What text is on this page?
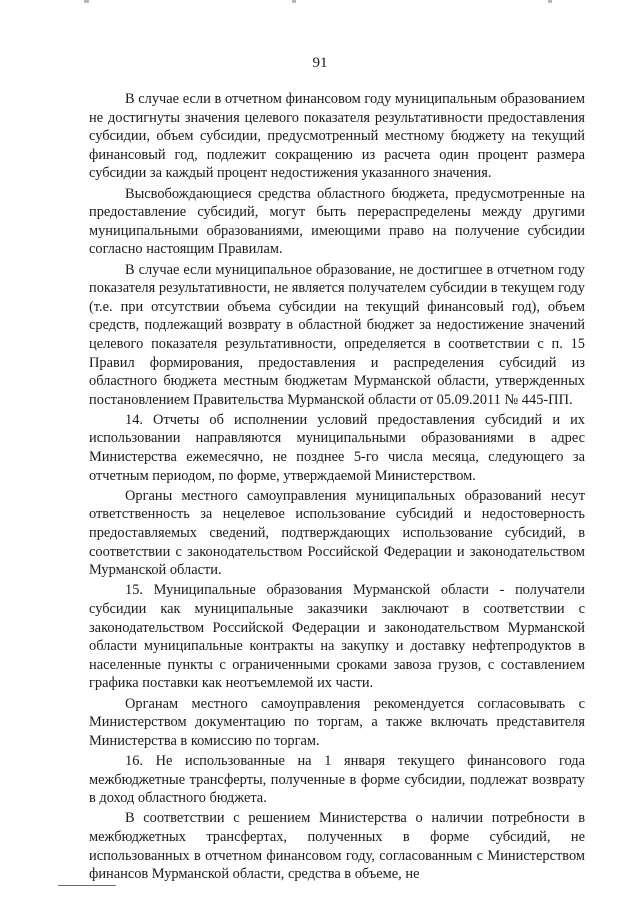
91

В случае если в отчетном финансовом году муниципальным образованием не достигнуты значения целевого показателя результативности предоставления субсидии, объем субсидии, предусмотренный местному бюджету на текущий финансовый год, подлежит сокращению из расчета один процент размера субсидии за каждый процент недостижения указанного значения.

Высвобождающиеся средства областного бюджета, предусмотренные на предоставление субсидий, могут быть перераспределены между другими муниципальными образованиями, имеющими право на получение субсидии согласно настоящим Правилам.

В случае если муниципальное образование, не достигшее в отчетном году показателя результативности, не является получателем субсидии в текущем году (т.е. при отсутствии объема субсидии на текущий финансовый год), объем средств, подлежащий возврату в областной бюджет за недостижение значений целевого показателя результативности, определяется в соответствии с п. 15 Правил формирования, предоставления и распределения субсидий из областного бюджета местным бюджетам Мурманской области, утвержденных постановлением Правительства Мурманской области от 05.09.2011 № 445-ПП.

14. Отчеты об исполнении условий предоставления субсидий и их использовании направляются муниципальными образованиями в адрес Министерства ежемесячно, не позднее 5-го числа месяца, следующего за отчетным периодом, по форме, утверждаемой Министерством.

Органы местного самоуправления муниципальных образований несут ответственность за нецелевое использование субсидий и недостоверность предоставляемых сведений, подтверждающих использование субсидий, в соответствии с законодательством Российской Федерации и законодательством Мурманской области.

15. Муниципальные образования Мурманской области - получатели субсидии как муниципальные заказчики заключают в соответствии с законодательством Российской Федерации и законодательством Мурманской области муниципальные контракты на закупку и доставку нефтепродуктов в населенные пункты с ограниченными сроками завоза грузов, с составлением графика поставки как неотъемлемой их части.

Органам местного самоуправления рекомендуется согласовывать с Министерством документацию по торгам, а также включать представителя Министерства в комиссию по торгам.

16. Не использованные на 1 января текущего финансового года межбюджетные трансферты, полученные в форме субсидии, подлежат возврату в доход областного бюджета.

В соответствии с решением Министерства о наличии потребности в межбюджетных трансфертах, полученных в форме субсидий, не использованных в отчетном финансовом году, согласованным с Министерством финансов Мурманской области, средства в объеме, не
